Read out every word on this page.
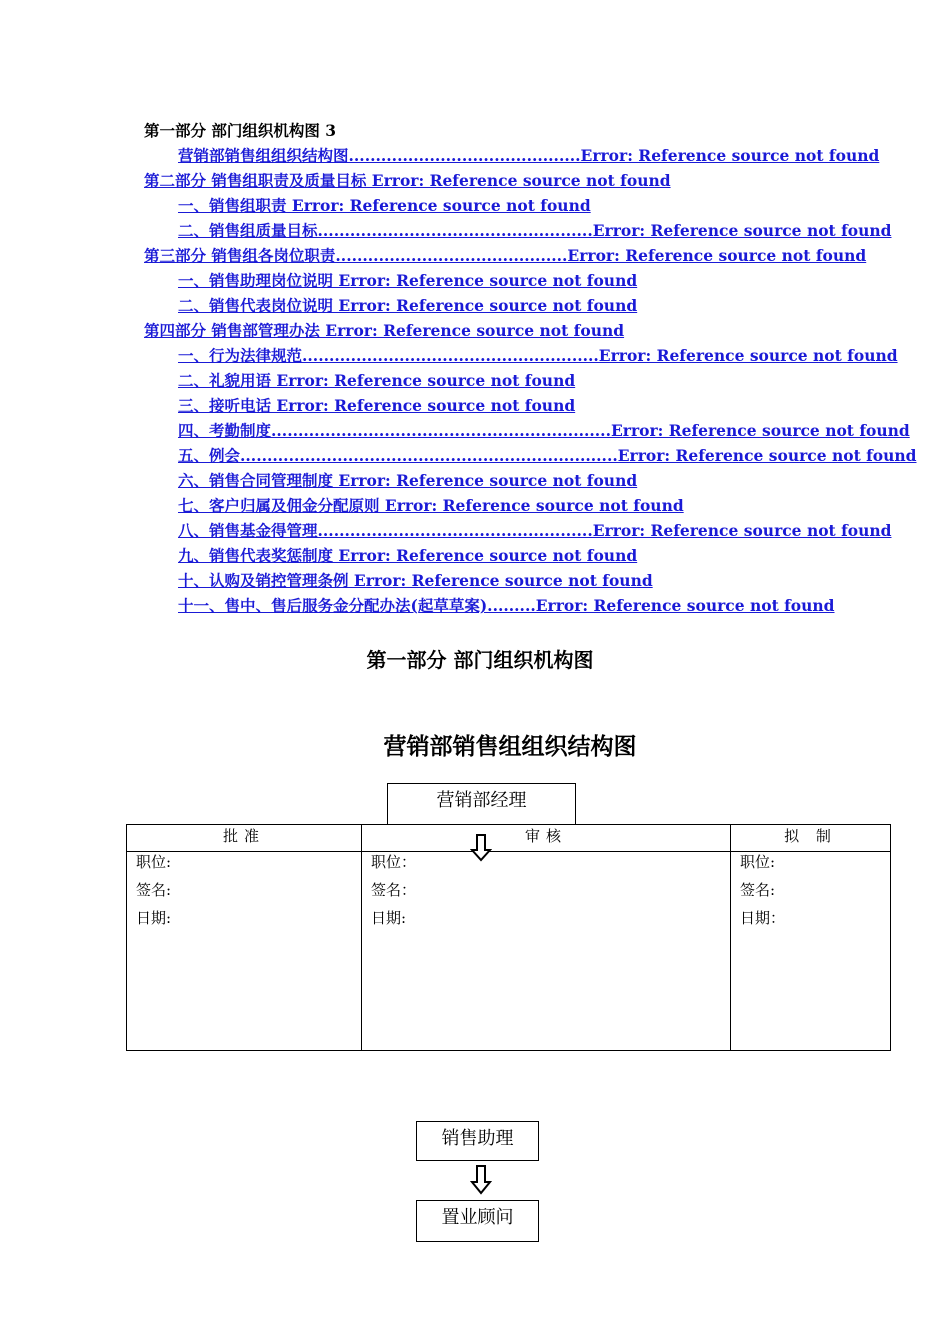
第一部分 部门组织机构图 3
营销部销售组组织结构图...........................................Error: Reference source not found
第二部分 销售组职责及质量目标 Error: Reference source not found
一、销售组职责 Error: Reference source not found
二、销售组质量目标...................................................Error: Reference source not found
第三部分 销售组各岗位职责...........................................Error: Reference source not found
一、销售助理岗位说明 Error: Reference source not found
二、销售代表岗位说明 Error: Reference source not found
第四部分 销售部管理办法 Error: Reference source not found
一、行为法律规范.......................................................Error: Reference source not found
二、礼貌用语 Error: Reference source not found
三、接听电话 Error: Reference source not found
四、考勤制度...............................................................Error: Reference source not found
五、例会......................................................................Error: Reference source not found
六、销售合同管理制度 Error: Reference source not found
七、客户归属及佣金分配原则 Error: Reference source not found
八、销售基金得管理...................................................Error: Reference source not found
九、销售代表奖惩制度 Error: Reference source not found
十、认购及销控管理条例 Error: Reference source not found
十一、售中、售后服务金分配办法(起草草案).........Error: Reference source not found
第一部分 部门组织机构图
营销部销售组组织结构图
批准	审核	拟 制

职位:
签名:
日期:	职位：
签名：
日期:	职位:
签名:
日期：
营销部经理
销售助理
置业顾问
